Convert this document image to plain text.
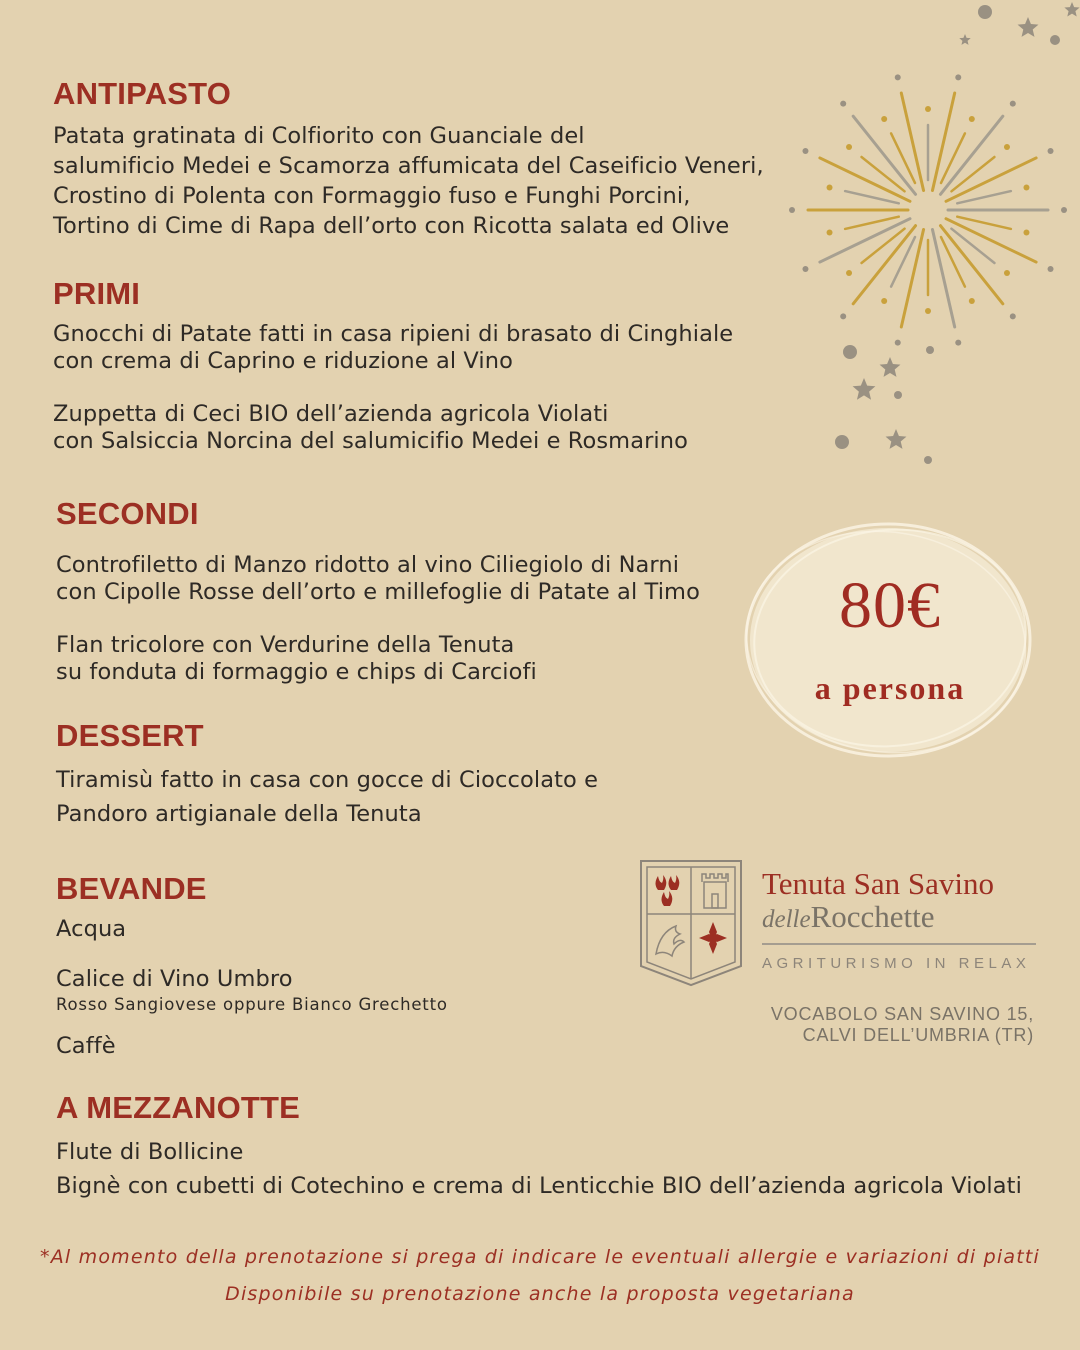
ANTIPASTO
Patata gratinata di Colfiorito con Guanciale del
salumificio Medei e Scamorza affumicata del Caseificio Veneri,
Crostino di Polenta con Formaggio fuso e Funghi Porcini,
Tortino di Cime di Rapa dell’orto con Ricotta salata ed Olive
PRIMI
Gnocchi di Patate fatti in casa ripieni di brasato di Cinghiale
con crema di Caprino e riduzione al Vino
Zuppetta di Ceci BIO dell’azienda agricola Violati
con Salsiccia Norcina del salumicifio Medei e Rosmarino
SECONDI
Controfiletto di Manzo ridotto al vino Ciliegiolo di Narni
con Cipolle Rosse dell’orto e millefoglie di Patate al Timo
Flan tricolore con Verdurine della Tenuta
su fonduta di formaggio e chips di Carciofi
DESSERT
Tiramisù fatto in casa con gocce di Cioccolato e
Pandoro artigianale della Tenuta
BEVANDE
Acqua
Calice di Vino Umbro
Rosso Sangiovese oppure Bianco Grechetto
Caffè
A MEZZANOTTE
Flute di Bollicine
Bignè con cubetti di Cotechino e crema di Lenticchie BIO dell’azienda agricola Violati
80€
a persona
Tenuta San Savino
delleRocchette
AGRITURISMO IN RELAX
VOCABOLO SAN SAVINO 15,
CALVI DELL’UMBRIA (TR)
*Al momento della prenotazione si prega di indicare le eventuali allergie e variazioni di piatti
Disponibile su prenotazione anche la proposta vegetariana
